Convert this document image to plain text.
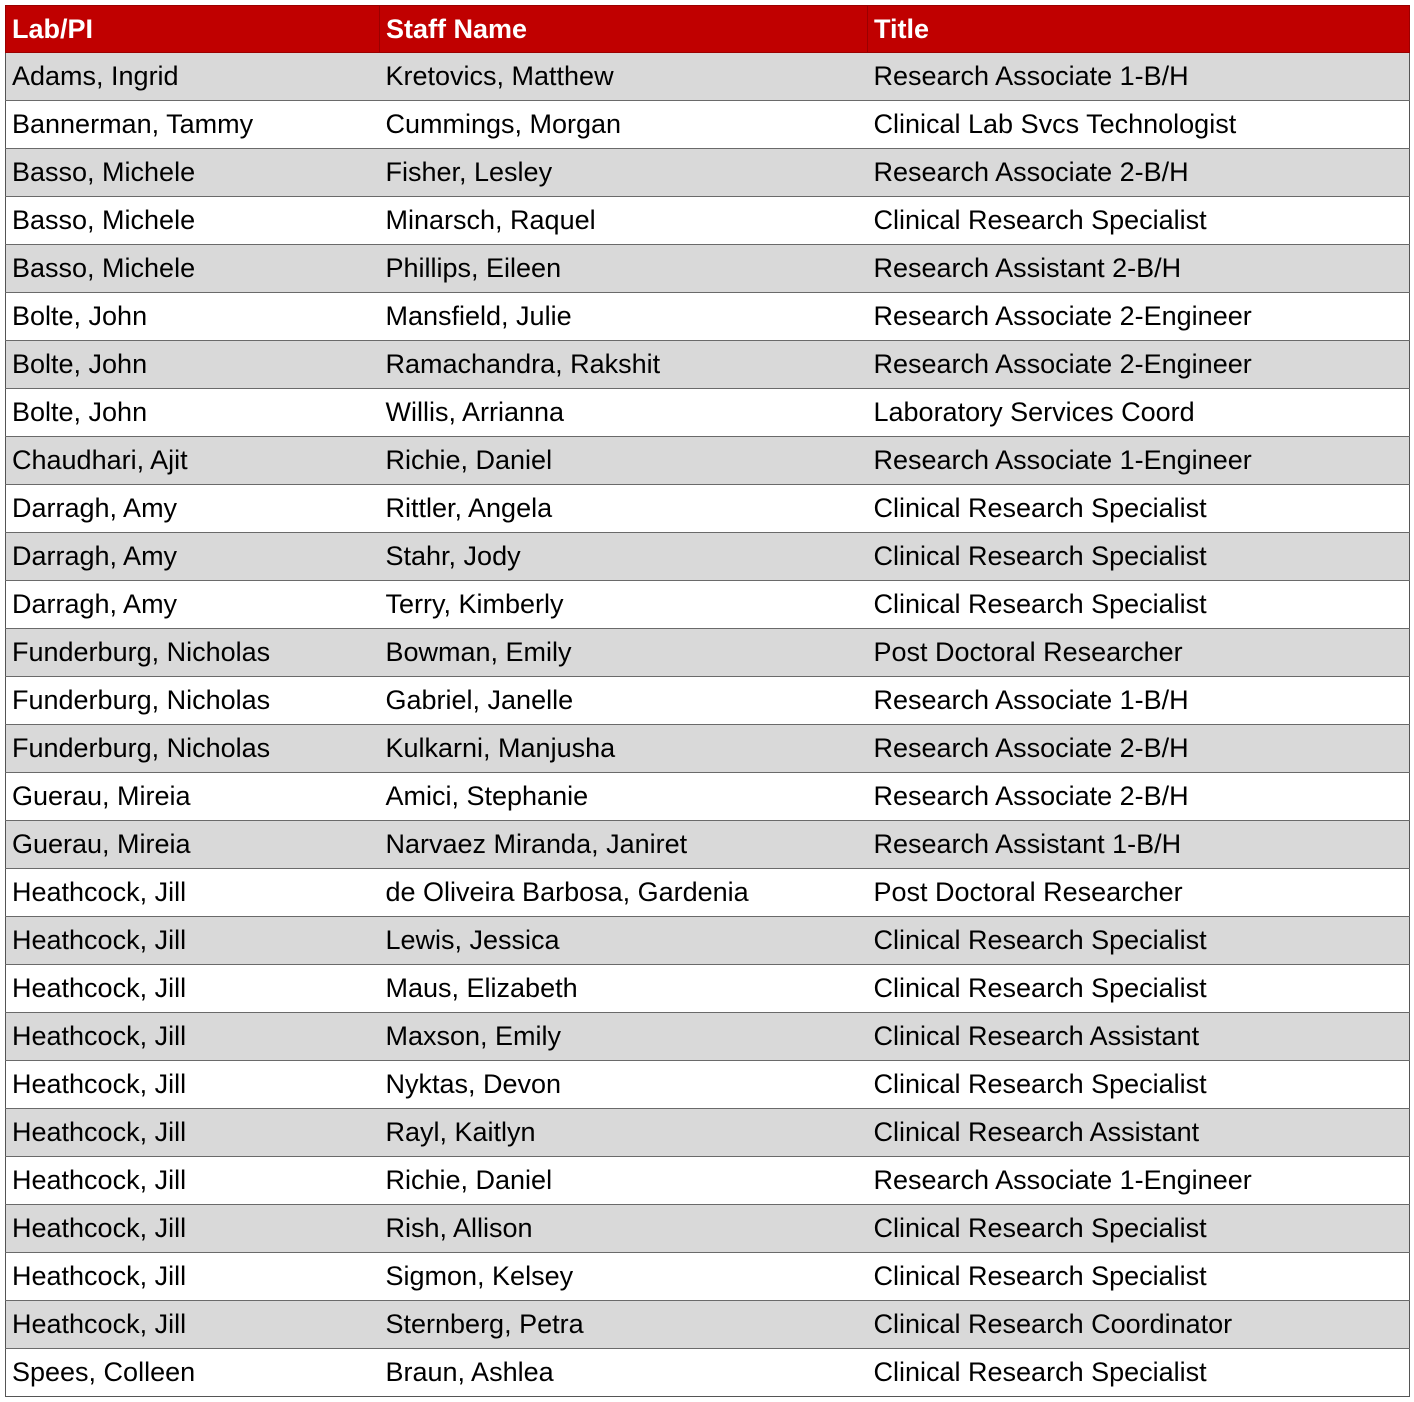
Lab/PI	Staff Name	Title
Adams, Ingrid	Kretovics, Matthew	Research Associate 1-B/H
Bannerman, Tammy	Cummings, Morgan	Clinical Lab Svcs Technologist
Basso, Michele	Fisher, Lesley	Research Associate 2-B/H
Basso, Michele	Minarsch, Raquel	Clinical Research Specialist
Basso, Michele	Phillips, Eileen	Research Assistant 2-B/H
Bolte, John	Mansfield, Julie	Research Associate 2-Engineer
Bolte, John	Ramachandra, Rakshit	Research Associate 2-Engineer
Bolte, John	Willis, Arrianna	Laboratory Services Coord
Chaudhari, Ajit	Richie, Daniel	Research Associate 1-Engineer
Darragh, Amy	Rittler, Angela	Clinical Research Specialist
Darragh, Amy	Stahr, Jody	Clinical Research Specialist
Darragh, Amy	Terry, Kimberly	Clinical Research Specialist
Funderburg, Nicholas	Bowman, Emily	Post Doctoral Researcher
Funderburg, Nicholas	Gabriel, Janelle	Research Associate 1-B/H
Funderburg, Nicholas	Kulkarni, Manjusha	Research Associate 2-B/H
Guerau, Mireia	Amici, Stephanie	Research Associate 2-B/H
Guerau, Mireia	Narvaez Miranda, Janiret	Research Assistant 1-B/H
Heathcock, Jill	de Oliveira Barbosa, Gardenia	Post Doctoral Researcher
Heathcock, Jill	Lewis, Jessica	Clinical Research Specialist
Heathcock, Jill	Maus, Elizabeth	Clinical Research Specialist
Heathcock, Jill	Maxson, Emily	Clinical Research Assistant
Heathcock, Jill	Nyktas, Devon	Clinical Research Specialist
Heathcock, Jill	Rayl, Kaitlyn	Clinical Research Assistant
Heathcock, Jill	Richie, Daniel	Research Associate 1-Engineer
Heathcock, Jill	Rish, Allison	Clinical Research Specialist
Heathcock, Jill	Sigmon, Kelsey	Clinical Research Specialist
Heathcock, Jill	Sternberg, Petra	Clinical Research Coordinator
Spees, Colleen	Braun, Ashlea	Clinical Research Specialist
